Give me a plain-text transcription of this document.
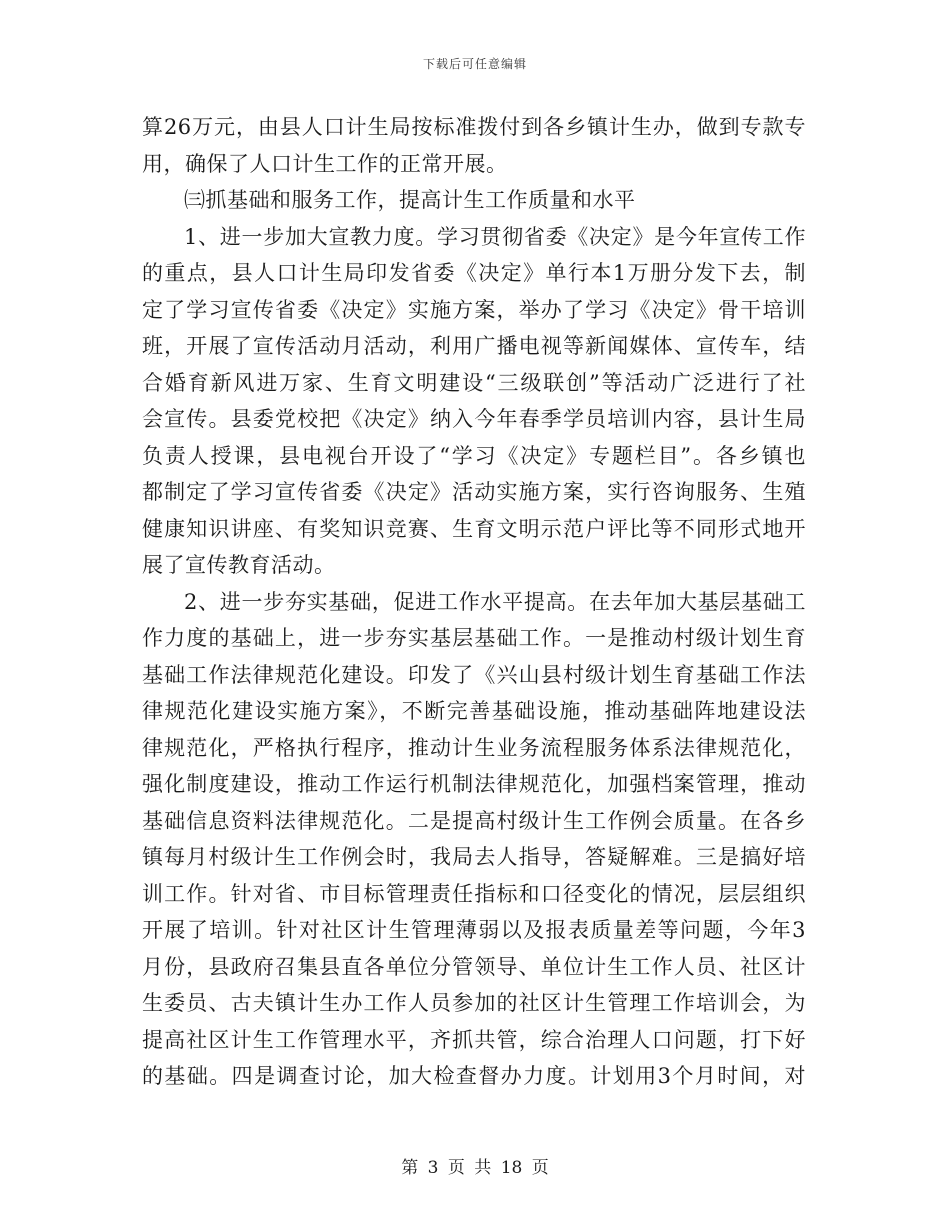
下载后可任意编辑
算26万元，由县人口计生局按标准拨付到各乡镇计生办，做到专款专
用，确保了人口计生工作的正常开展。
㈢抓基础和服务工作，提高计生工作质量和水平
1、进一步加大宣教力度。学习贯彻省委《决定》是今年宣传工作
的重点，县人口计生局印发省委《决定》单行本1万册分发下去，制
定了学习宣传省委《决定》实施方案，举办了学习《决定》骨干培训
班，开展了宣传活动月活动，利用广播电视等新闻媒体、宣传车，结
合婚育新风进万家、生育文明建设“三级联创”等活动广泛进行了社
会宣传。县委党校把《决定》纳入今年春季学员培训内容，县计生局
负责人授课，县电视台开设了“学习《决定》专题栏目”。各乡镇也
都制定了学习宣传省委《决定》活动实施方案，实行咨询服务、生殖
健康知识讲座、有奖知识竞赛、生育文明示范户评比等不同形式地开
展了宣传教育活动。
2、进一步夯实基础，促进工作水平提高。在去年加大基层基础工
作力度的基础上，进一步夯实基层基础工作。一是推动村级计划生育
基础工作法律规范化建设。印发了《兴山县村级计划生育基础工作法
律规范化建设实施方案》，不断完善基础设施，推动基础阵地建设法
律规范化，严格执行程序，推动计生业务流程服务体系法律规范化，
强化制度建设，推动工作运行机制法律规范化，加强档案管理，推动
基础信息资料法律规范化。二是提高村级计生工作例会质量。在各乡
镇每月村级计生工作例会时，我局去人指导，答疑解难。三是搞好培
训工作。针对省、市目标管理责任指标和口径变化的情况，层层组织
开展了培训。针对社区计生管理薄弱以及报表质量差等问题，今年3
月份，县政府召集县直各单位分管领导、单位计生工作人员、社区计
生委员、古夫镇计生办工作人员参加的社区计生管理工作培训会，为
提高社区计生工作管理水平，齐抓共管，综合治理人口问题，打下好
的基础。四是调查讨论，加大检查督办力度。计划用3个月时间，对
第 3 页 共 18 页
